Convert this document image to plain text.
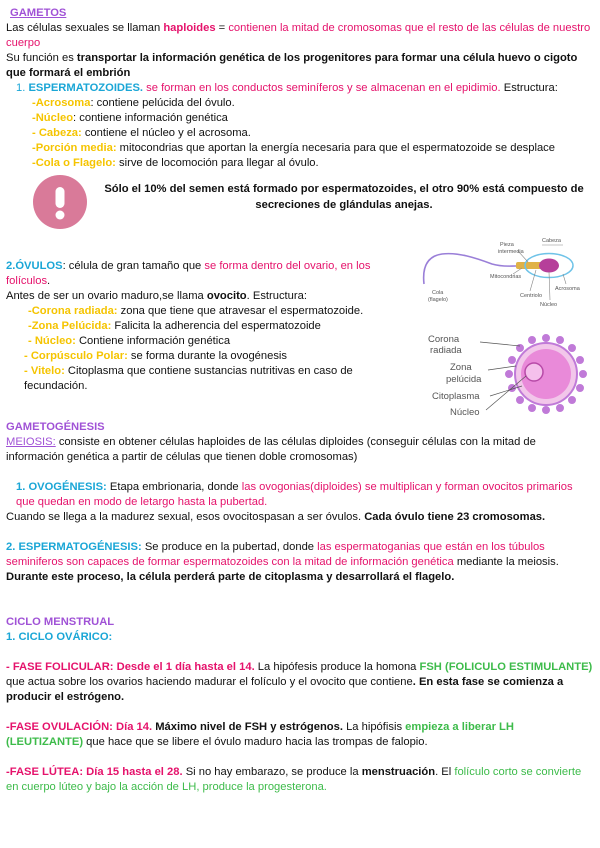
GAMETOS

Las células sexuales se llaman haploides = contienen la mitad de cromosomas que el resto de las células de nuestro cuerpo

Su función es transportar la información genética de los progenitores para formar una célula huevo o cigoto que formará el embrión

1. ESPERMATOZOIDES. se forman en los conductos seminíferos y se almacenan en el epidimio. Estructura:

-Acrosoma: contiene pelúcida del óvulo.

-Núcleo: contiene información genética

- Cabeza: contiene el núcleo y el acrosoma.

-Porción media: mitocondrias que aportan la energía necesaria para que el espermatozoide se desplace

-Cola o Flagelo: sirve de locomoción para llegar al óvulo.

Sólo el 10% del semen está formado por espermatozoides, el otro 90% está compuesto de secreciones de glándulas anejas.

2.ÓVULOS: célula de gran tamaño que se forma dentro del ovario, en los folículos.

Antes de ser un ovario maduro,se llama ovocito. Estructura:

-Corona radiada: zona que tiene que atravesar el espermatozoide.

-Zona Pelúcida: Falicita la adherencia del espermatozoide

- Núcleo: Contiene información genética

- Corpúsculo Polar: se forma durante la ovogénesis

- Vitelo: Citoplasma que contiene sustancias nutritivas en caso de fecundación.

GAMETOGÉNESIS

MEIOSIS: consiste en obtener células haploides de las células diploides (conseguir células con la mitad de información genética a partir de células que tienen doble cromosomas)

1. OVOGÉNESIS: Etapa embrionaria, donde las ovogonias(diploides) se multiplican y forman ovocitos primarios que quedan en modo de letargo hasta la pubertad.

Cuando se llega a la madurez sexual, esos ovocitospasan a ser óvulos. Cada óvulo tiene 23 cromosomas.

2. ESPERMATOGÉNESIS: Se produce en la pubertad, donde las espermatoganias que están en los túbulos seminiferos son capaces de formar espermatozoides con la mitad de información genética mediante la meiosis.

Durante este proceso, la célula perderá parte de citoplasma y desarrollará el flagelo.

CICLO MENSTRUAL

1. CICLO OVÁRICO:

- FASE FOLICULAR: Desde el 1 día hasta el 14. La hipófesis produce la homona FSH (FOLICULO ESTIMULANTE) que actua sobre los ovarios haciendo madurar el folículo y el ovocito que contiene. En esta fase se comienza a producir el estrógeno.

-FASE OVULACIÓN: Día 14. Máximo nivel de FSH y estrógenos. La hipófisis empieza a liberar LH (LEUTIZANTE) que hace que se libere el óvulo maduro hacia las trompas de falopio.

-FASE LÚTEA: Día 15 hasta el 28. Si no hay embarazo, se produce la menstruación. El folículo corto se convierte en cuerpo lúteo y bajo la acción de LH, produce la progesterona.

Pieza
intermedia
Cabeza
Mitocondrias
Cola
(flagelo)
Centriolo
Acrosoma
Núcleo
Corona
radiada
Zona
pelúcida
Citoplasma
Núcleo
